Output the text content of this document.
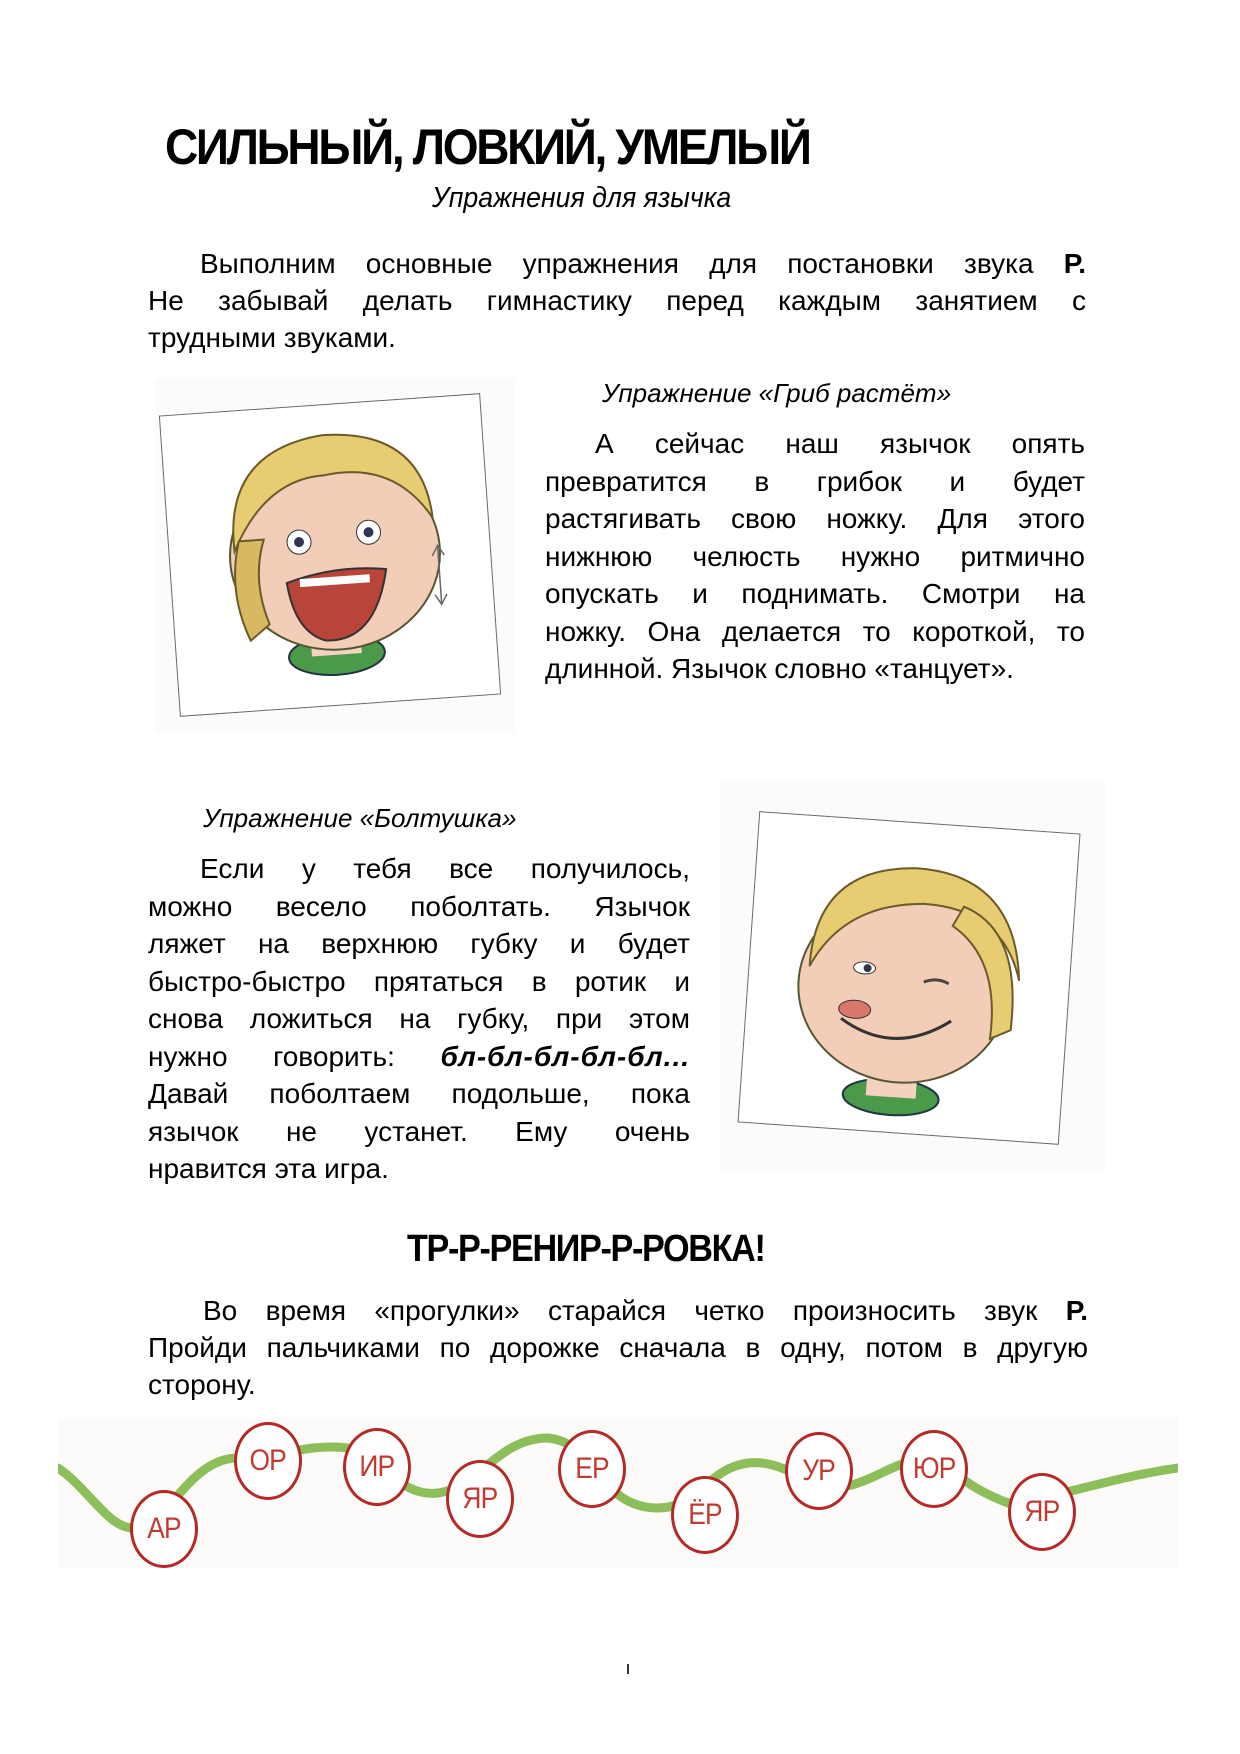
СИЛЬНЫЙ, ЛОВКИЙ, УМЕЛЫЙ
Упражнения для язычка
Выполним основные упражнения для постановки звука Р.
Не забывай делать гимнастику перед каждым занятием с
трудными звуками.
Упражнение «Гриб растёт»
А сейчас наш язычок опять
превратится в грибок и будет
растягивать свою ножку. Для этого
нижнюю челюсть нужно ритмично
опускать и поднимать. Смотри на
ножку. Она делается то короткой, то
длинной. Язычок словно «танцует».
Упражнение «Болтушка»
Если у тебя все получилось,
можно весело поболтать. Язычок
ляжет на верхнюю губку и будет
быстро-быстро прятаться в ротик и
снова ложиться на губку, при этом
нужно говорить: бл-бл-бл-бл-бл...
Давай поболтаем подольше, пока
язычок не устанет. Ему очень
нравится эта игра.
ТР-Р-РЕНИР-Р-РОВКА!
Во время «прогулки» старайся четко произносить звук Р.
Пройди пальчиками по дорожке сначала в одну, потом в другую
сторону.
АР
ОР ИР
ЯР
ЕР
ЁР
УР	ЮР
ЯР
